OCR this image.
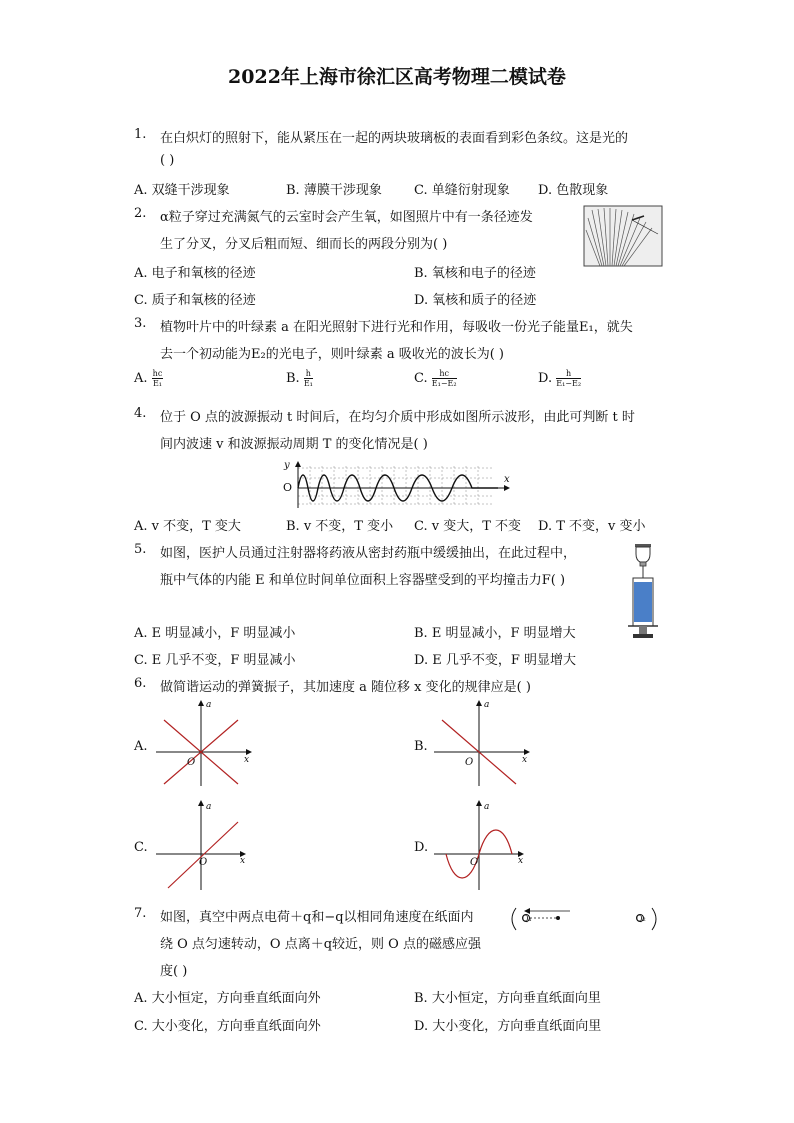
2022年上海市徐汇区高考物理二模试卷
1. 在白炽灯的照射下，能从紧压在一起的两块玻璃板的表面看到彩色条纹。这是光的
( )
A. 双缝干涉现象	B. 薄膜干涉现象 C. 单缝衍射现象 D. 色散现象
2. α粒子穿过充满氮气的云室时会产生氧，如图照片中有一条径迹发
生了分叉，分叉后粗而短、细而长的两段分别为( )
A. 电子和氧核的径迹	B. 氧核和电子的径迹
C. 质子和氧核的径迹	D. 氧核和质子的径迹
3. 植物叶片中的叶绿素 a 在阳光照射下进行光和作用，每吸收一份光子能量E₁，就失
去一个初动能为E₂的光电子，则叶绿素 a 吸收光的波长为( )
A. $\frac{hc}{\text{E₁}}$	B. $\frac{h}{\text{E₁}}$	C. $\frac{hc}{\text{E₁−E₂}}$	D. $\frac{h}{\text{E₁−E₂}}$
4. 位于 O 点的波源振动 t 时间后，在均匀介质中形成如图所示波形，由此可判断 t 时
间内波速 v 和波源振动周期 T 的变化情况是( )
y
x
O
A. v 不变，T 变大	B. v 不变，T 变小 C. v 变大，T 不变 D. T 不变，v 变小
5. 如图，医护人员通过注射器将药液从密封药瓶中缓缓抽出，在此过程中，
瓶中气体的内能 E 和单位时间单位面积上容器壁受到的平均撞击力F( )
A. E 明显减小，F 明显减小	B. E 明显减小，F 明显增大
C. E 几乎不变，F 明显减小	D. E 几乎不变，F 明显增大
6. 做简谐运动的弹簧振子，其加速度 a 随位移 x 变化的规律应是( )
A.
a
x
O
B.
a
x
O
C.
a
x
O
D.
a
x
O
7. 如图，真空中两点电荷＋q和−q以相同角速度在纸面内
绕 O 点匀速转动，O 点离＋q较近，则 O 点的磁感应强
度( )
Q₁	Q₂
A. 大小恒定，方向垂直纸面向外	B. 大小恒定，方向垂直纸面向里
C. 大小变化，方向垂直纸面向外	D. 大小变化，方向垂直纸面向里
